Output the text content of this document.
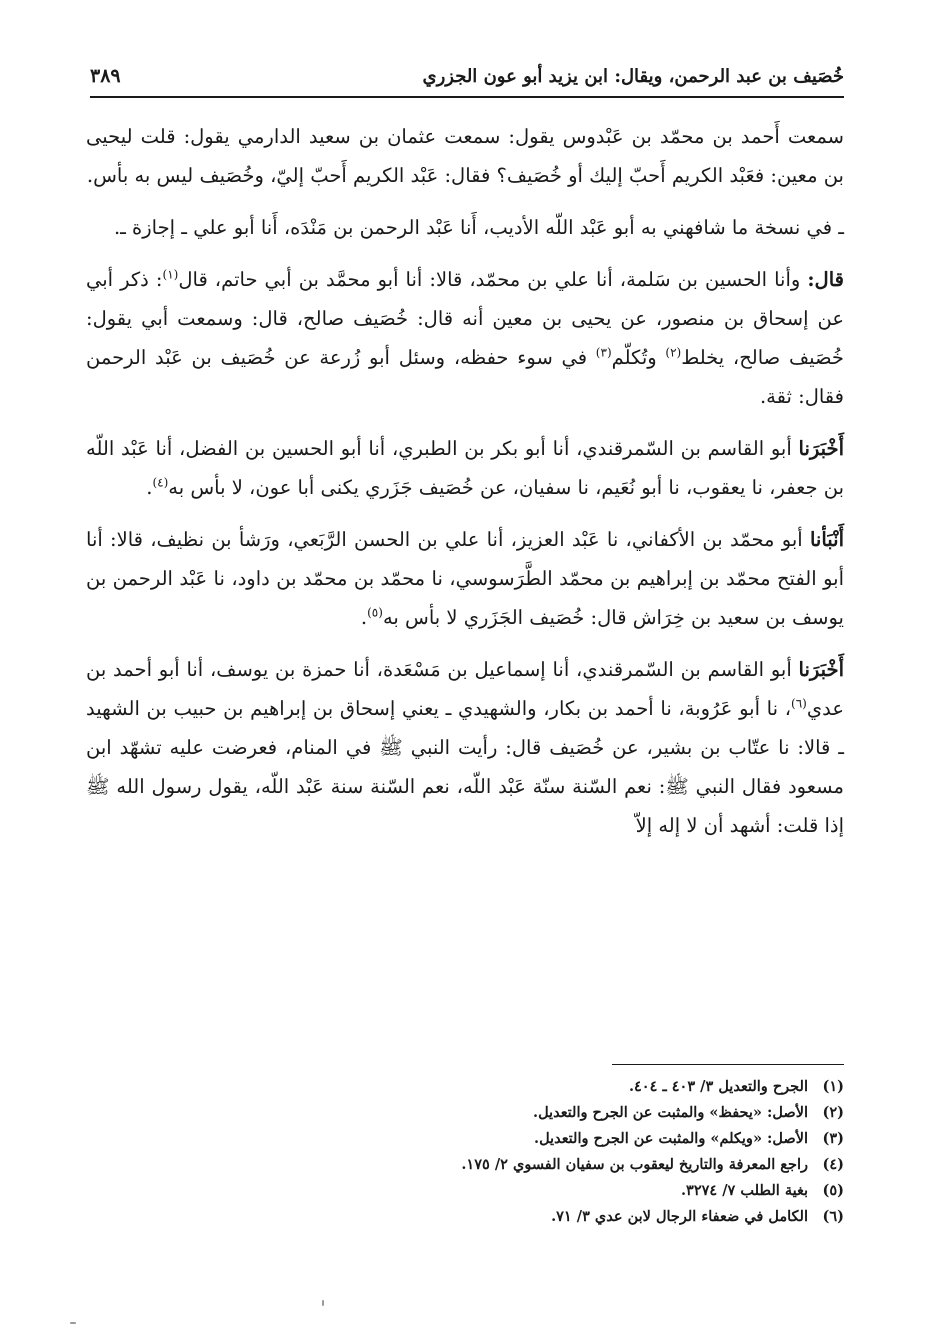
خُصَيف بن عبد الرحمن، ويقال: ابن يزيد أبو عون الجزري
٣٨٩

سمعت أَحمد بن محمّد بن عَبْدوس يقول: سمعت عثمان بن سعيد الدارمي يقول: قلت ليحيى بن معين: فعَبْد الكريم أَحبّ إليك أو خُصَيف؟ فقال: عَبْد الكريم أَحبّ إليّ، وخُصَيف ليس به بأس.

ـ في نسخة ما شافهني به أبو عَبْد اللّه الأديب، أَنا عَبْد الرحمن بن مَنْدَه، أَنا أبو علي ـ إجازة ـ.

قال: وأنا الحسين بن سَلمة، أنا علي بن محمّد، قالا: أنا أبو محمَّد بن أبي حاتم، قال$^{(١)}$: ذكر أبي عن إسحاق بن منصور، عن يحيى بن معين أنه قال: خُصَيف صالح، قال: وسمعت أبي يقول: خُصَيف صالح، يخلط$^{(٢)}$ وتُكلّم$^{(٣)}$ في سوء حفظه، وسئل أبو زُرعة عن خُصَيف بن عَبْد الرحمن فقال: ثقة.

أَخْبَرَنا أبو القاسم بن السّمرقندي، أنا أبو بكر بن الطبري، أنا أبو الحسين بن الفضل، أنا عَبْد اللّه بن جعفر، نا يعقوب، نا أبو نُعَيم، نا سفيان، عن خُصَيف جَزَري يكنى أبا عون، لا بأس به$^{(٤)}$.

أَنْبَأنا أبو محمّد بن الأكفاني، نا عَبْد العزيز، أنا علي بن الحسن الرَّبَعي، ورَشأ بن نظيف، قالا: أنا أبو الفتح محمّد بن إبراهيم بن محمّد الطَّرَسوسي، نا محمّد بن محمّد بن داود، نا عَبْد الرحمن بن يوسف بن سعيد بن خِرَاش قال: خُصَيف الجَزَري لا بأس به$^{(٥)}$.

أَخْبَرَنا أبو القاسم بن السّمرقندي، أنا إسماعيل بن مَسْعَدة، أنا حمزة بن يوسف، أنا أبو أحمد بن عدي$^{(٦)}$، نا أبو عَرُوبة، نا أحمد بن بكار، والشهيدي ـ يعني إسحاق بن إبراهيم بن حبيب بن الشهيد ـ قالا: نا عتّاب بن بشير، عن خُصَيف قال: رأيت النبي ﷺ في المنام، فعرضت عليه تشهّد ابن مسعود فقال النبي ﷺ: نعم السّنة سنّة عَبْد اللّه، نعم السّنة سنة عَبْد اللّه، يقول رسول الله ﷺ إذا قلت: أشهد أن لا إله إلاّ

(١)
الجرح والتعديل ٣/ ٤٠٣ ـ ٤٠٤.
(٢)
الأصل: «يحفظ» والمثبت عن الجرح والتعديل.
(٣)
الأصل: «ويكلم» والمثبت عن الجرح والتعديل.
(٤)
راجع المعرفة والتاريخ ليعقوب بن سفيان الفسوي ٢/ ١٧٥.
(٥)
بغية الطلب ٧/ ٣٢٧٤.
(٦)
الكامل في ضعفاء الرجال لابن عدي ٣/ ٧١.
